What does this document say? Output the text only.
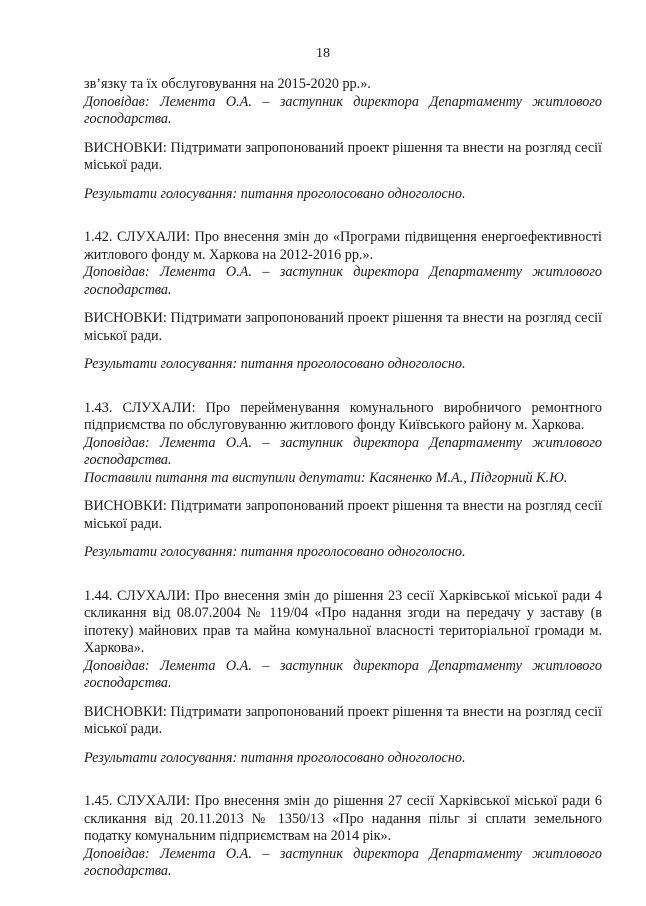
18

зв’язку та їх обслуговування на 2015-2020 рр.».

Доповідав: Лемента О.А. – заступник директора Департаменту житлового господарства.

ВИСНОВКИ: Підтримати запропонований проект рішення та внести на розгляд сесії міської ради.

Результати голосування: питання проголосовано одноголосно.

1.42. СЛУХАЛИ: Про внесення змін до «Програми підвищення енергоефективності житлового фонду м. Харкова на 2012-2016 рр.».

Доповідав: Лемента О.А. – заступник директора Департаменту житлового господарства.

ВИСНОВКИ: Підтримати запропонований проект рішення та внести на розгляд сесії міської ради.

Результати голосування: питання проголосовано одноголосно.

1.43. СЛУХАЛИ: Про перейменування комунального виробничого ремонтного підприємства по обслуговуванню житлового фонду Київського району м. Харкова.

Доповідав: Лемента О.А. – заступник директора Департаменту житлового господарства.

Поставили питання та виступили депутати: Касяненко М.А., Підгорний К.Ю.

ВИСНОВКИ: Підтримати запропонований проект рішення та внести на розгляд сесії міської ради.

Результати голосування: питання проголосовано одноголосно.

1.44. СЛУХАЛИ: Про внесення змін до рішення 23 сесії Харківської міської ради 4 скликання від 08.07.2004 № 119/04 «Про надання згоди на передачу у заставу (в іпотеку) майнових прав та майна комунальної власності територіальної громади м. Харкова».

Доповідав: Лемента О.А. – заступник директора Департаменту житлового господарства.

ВИСНОВКИ: Підтримати запропонований проект рішення та внести на розгляд сесії міської ради.

Результати голосування: питання проголосовано одноголосно.

1.45. СЛУХАЛИ: Про внесення змін до рішення 27 сесії Харківської міської ради 6 скликання від 20.11.2013 № 1350/13 «Про надання пільг зі сплати земельного податку комунальним підприємствам на 2014 рік».

Доповідав: Лемента О.А. – заступник директора Департаменту житлового господарства.
